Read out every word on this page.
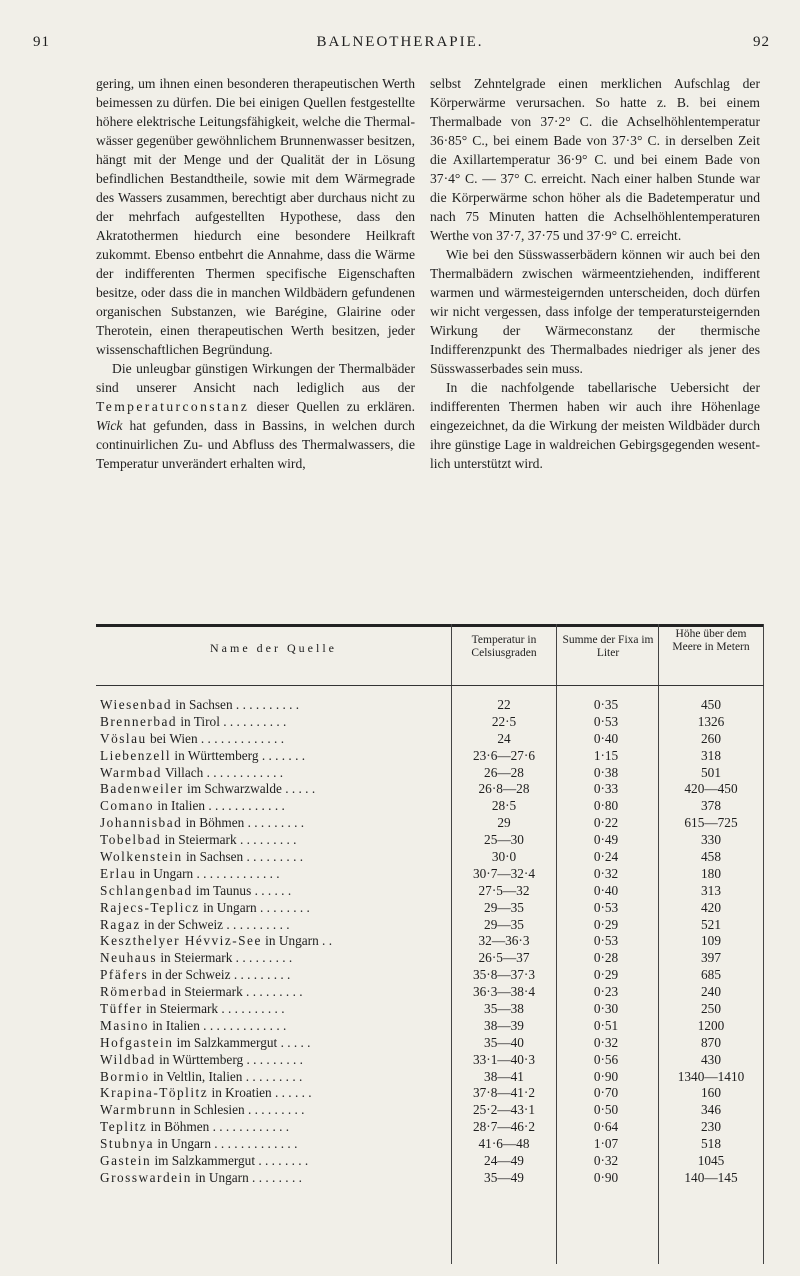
91	BALNEOTHERAPIE.	92

gering, um ihnen einen besonderen therapeutischen Werth beimessen zu dürfen. Die bei einigen Quellen festgestellte höhere elektrische Leitungsfähigkeit, welche die Thermalwässer gegenüber gewöhnlichem Brunnenwasser besitzen, hängt mit der Menge und der Qualität der in Lösung befindlichen Bestandtheile, sowie mit dem Wärmegrade des Wassers zusammen, berechtigt aber durchaus nicht zu der mehrfach aufgestellten Hypothese, dass den Akratothermen hiedurch eine besondere Heilkraft zukommt. Ebenso entbehrt die Annahme, dass die Wärme der indifferenten Thermen specifische Eigenschaften besitze, oder dass die in manchen Wildbädern gefundenen organischen Substanzen, wie Barégine, Glairine oder Therotein, einen therapeutischen Werth besitzen, jeder wissenschaftlichen Begründung.

Die unleugbar günstigen Wirkungen der Thermalbäder sind unserer Ansicht nach lediglich aus der Temperaturconstanz dieser Quellen zu erklären. Wick hat gefunden, dass in Bassins, in welchen durch continuirlichen Zu- und Abfluss des Thermalwassers, die Temperatur unverändert erhalten wird,

selbst Zehntelgrade einen merklichen Aufschlag der Körperwärme verursachen. So hatte z. B. bei einem Thermalbade von 37·2° C. die Achselhöhlentemperatur 36·85° C., bei einem Bade von 37·3° C. in derselben Zeit die Axillartemperatur 36·9° C. und bei einem Bade von 37·4° C. — 37° C. erreicht. Nach einer halben Stunde war die Körperwärme schon höher als die Badetemperatur und nach 75 Minuten hatten die Achselhöhlentemperaturen Werthe von 37·7, 37·75 und 37·9° C. erreicht.

Wie bei den Süsswasserbädern können wir auch bei den Thermalbädern zwischen wärmeentziehenden, indifferent warmen und wärmesteigernden unterscheiden, doch dürfen wir nicht vergessen, dass infolge der temperatursteigernden Wirkung der Wärmeconstanz der thermische Indifferenzpunkt des Thermalbades niedriger als jener des Süsswasserbades sein muss.

In die nachfolgende tabellarische Uebersicht der indifferenten Thermen haben wir auch ihre Höhenlage eingezeichnet, da die Wirkung der meisten Wildbäder durch ihre günstige Lage in waldreichen Gebirgsgegenden wesentlich unterstützt wird.

Name der Quelle
Temperatur in Celsiusgraden
Summe der Fixa im Liter
Höhe über dem Meere in Metern
Wiesenbad in Sachsen . . . . . . . . . .	22	0·35	450
Brennerbad in Tirol . . . . . . . . . .	22·5	0·53	1326
Vöslau bei Wien . . . . . . . . . . . . .	24	0·40	260
Liebenzell in Württemberg . . . . . . .	23·6—27·6	1·15	318
Warmbad Villach . . . . . . . . . . . .	26—28	0·38	501
Badenweiler im Schwarzwalde . . . . .	26·8—28	0·33	420—450
Comano in Italien . . . . . . . . . . . .	28·5	0·80	378
Johannisbad in Böhmen . . . . . . . . .	29	0·22	615—725
Tobelbad in Steiermark . . . . . . . . .	25—30	0·49	330
Wolkenstein in Sachsen . . . . . . . . .	30·0	0·24	458
Erlau in Ungarn . . . . . . . . . . . . .	30·7—32·4	0·32	180
Schlangenbad im Taunus . . . . . .	27·5—32	0·40	313
Rajecs-Teplicz in Ungarn . . . . . . . .	29—35	0·53	420
Ragaz in der Schweiz . . . . . . . . . .	29—35	0·29	521
Keszthelyer Hévviz-See in Ungarn . .	32—36·3	0·53	109
Neuhaus in Steiermark . . . . . . . . .	26·5—37	0·28	397
Pfäfers in der Schweiz . . . . . . . . .	35·8—37·3	0·29	685
Römerbad in Steiermark . . . . . . . . .	36·3—38·4	0·23	240
Tüffer in Steiermark . . . . . . . . . .	35—38	0·30	250
Masino in Italien . . . . . . . . . . . . .	38—39	0·51	1200
Hofgastein im Salzkammergut . . . . .	35—40	0·32	870
Wildbad in Württemberg . . . . . . . . .	33·1—40·3	0·56	430
Bormio in Veltlin, Italien . . . . . . . . .	38—41	0·90	1340—1410
Krapina-Töplitz in Kroatien . . . . . .	37·8—41·2	0·70	160
Warmbrunn in Schlesien . . . . . . . . .	25·2—43·1	0·50	346
Teplitz in Böhmen . . . . . . . . . . . .	28·7—46·2	0·64	230
Stubnya in Ungarn . . . . . . . . . . . . .	41·6—48	1·07	518
Gastein im Salzkammergut . . . . . . . .	24—49	0·32	1045
Grosswardein in Ungarn . . . . . . . .	35—49	0·90	140—145
